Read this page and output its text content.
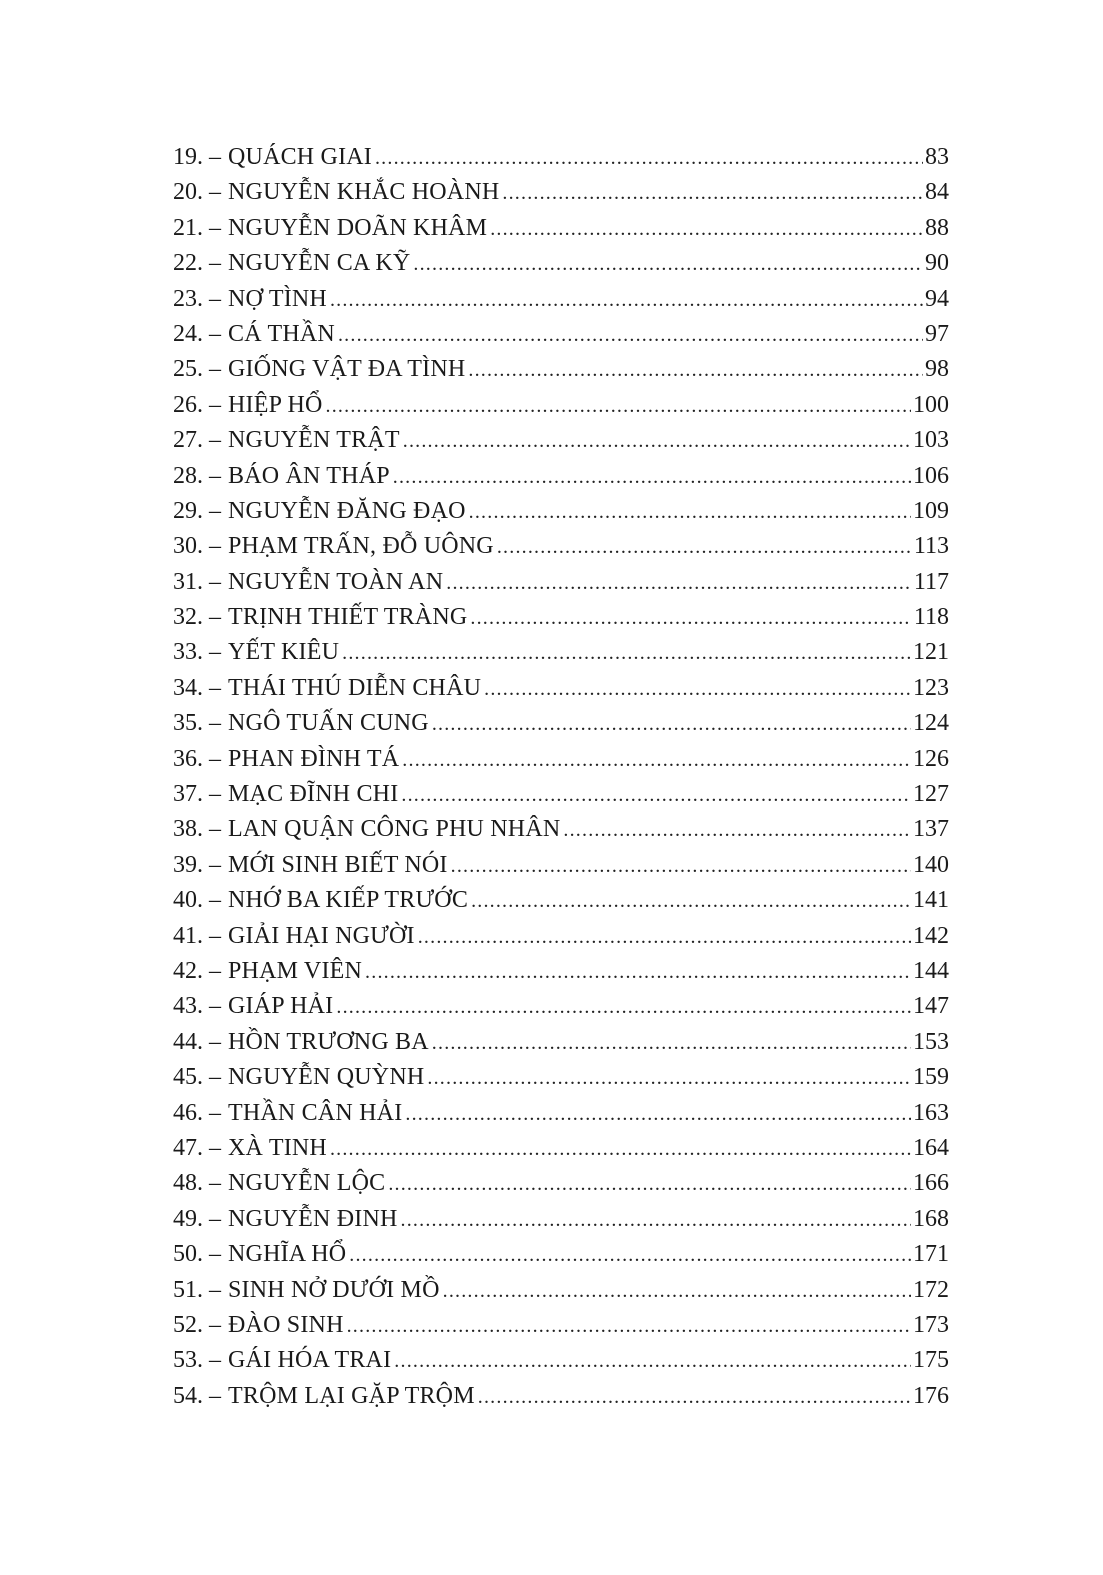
19. – QUÁCH GIAI .....	83
20. – NGUYỄN KHẮC HOÀNH .....	84
21. – NGUYỄN DOÃN KHÂM .....	88
22. – NGUYỄN CA KỸ .....	90
23. – NỢ TÌNH .....	94
24. – CÁ THẦN .....	97
25. – GIỐNG VẬT ĐA TÌNH .....	98
26. – HIỆP HỔ .....	100
27. – NGUYỄN TRẬT .....	103
28. – BÁO ÂN THÁP .....	106
29. – NGUYỄN ĐĂNG ĐẠO .....	109
30. – PHẠM TRẤN, ĐỖ UÔNG .....	113
31. – NGUYỄN TOÀN AN .....	117
32. – TRỊNH THIẾT TRÀNG .....	118
33. – YẾT KIÊU .....	121
34. – THÁI THÚ DIỄN CHÂU .....	123
35. – NGÔ TUẤN CUNG .....	124
36. – PHAN ĐÌNH TÁ .....	126
37. – MẠC ĐĨNH CHI .....	127
38. – LAN QUẬN CÔNG PHU NHÂN .....	137
39. – MỚI SINH BIẾT NÓI .....	140
40. – NHỚ BA KIẾP TRƯỚC .....	141
41. – GIẢI HẠI NGƯỜI .....	142
42. – PHẠM VIÊN .....	144
43. – GIÁP HẢI .....	147
44. – HỒN TRƯƠNG BA .....	153
45. – NGUYỄN QUỲNH .....	159
46. – THẦN CÂN HẢI .....	163
47. – XÀ TINH .....	164
48. – NGUYỄN LỘC .....	166
49. – NGUYỄN ĐINH .....	168
50. – NGHĨA HỔ .....	171
51. – SINH NỞ DƯỚI MỒ .....	172
52. – ĐÀO SINH .....	173
53. – GÁI HÓA TRAI .....	175
54. – TRỘM LẠI GẶP TRỘM .....	176
